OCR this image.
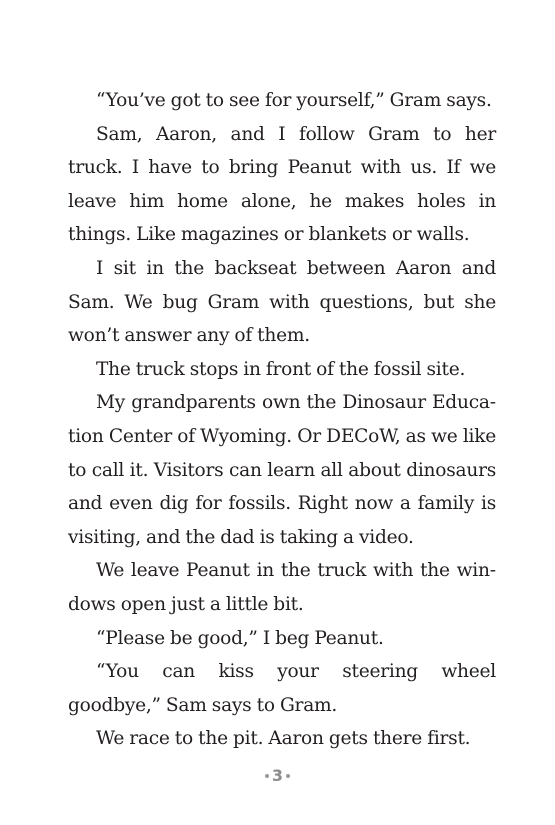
“You’ve got to see for yourself,” Gram says.

Sam, Aaron, and I follow Gram to her truck. I have to bring Peanut with us. If we leave him home alone, he makes holes in things. Like magazines or blankets or walls.

I sit in the backseat between Aaron and Sam. We bug Gram with questions, but she won’t answer any of them.

The truck stops in front of the fossil site.

My grandparents own the Dinosaur Education Center of Wyoming. Or DECoW, as we like to call it. Visitors can learn all about dinosaurs and even dig for fossils. Right now a family is visiting, and the dad is taking a video.

We leave Peanut in the truck with the windows open just a little bit.

“Please be good,” I beg Peanut.

“You can kiss your steering wheel goodbye,” Sam says to Gram.

We race to the pit. Aaron gets there first.

3
